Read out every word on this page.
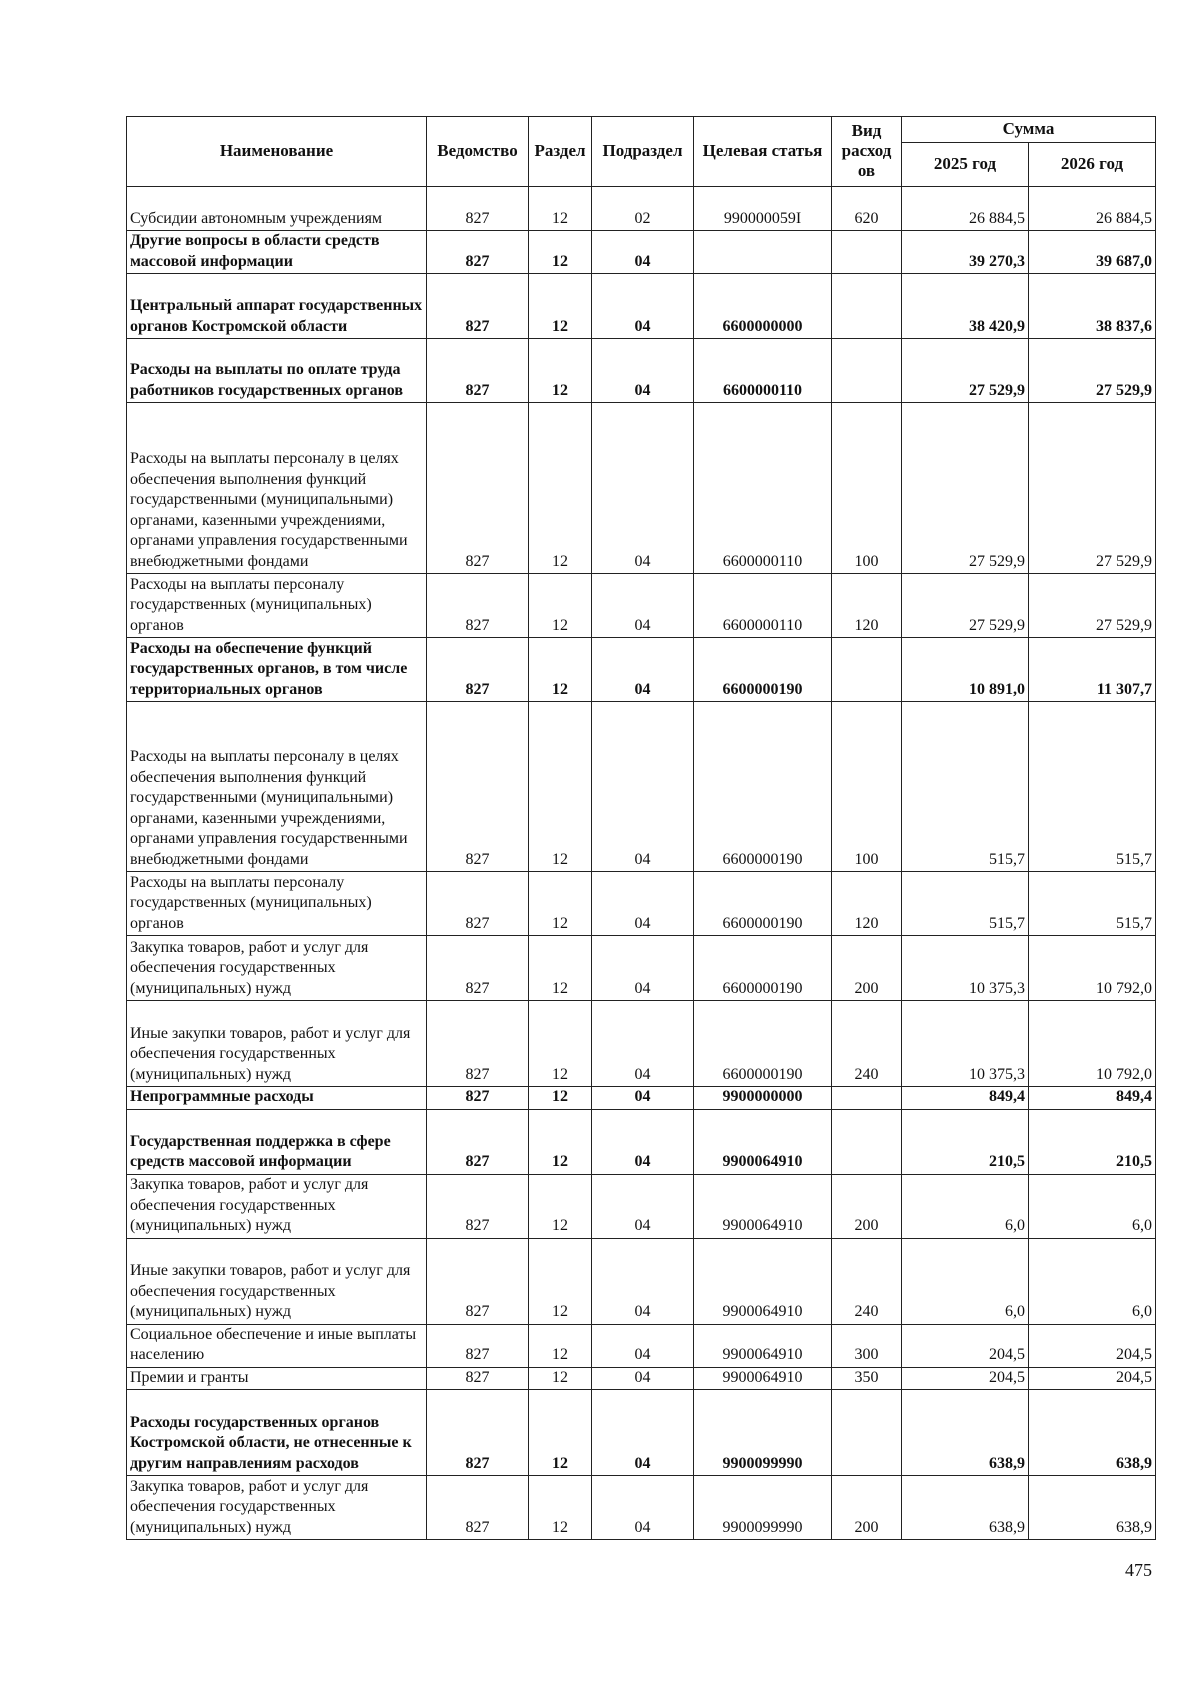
Наименование	Ведомство	Раздел	Подраздел	Целевая статья	Вид расход ов	Сумма	
						2025 год	2026 год
Субсидии автономным учреждениям	827	12	02	990000059I	620	26 884,5	26 884,5
Другие вопросы в области средств массовой информации	827	12	04			39 270,3	39 687,0
Центральный аппарат государственных органов Костромской области	827	12	04	6600000000		38 420,9	38 837,6
Расходы на выплаты по оплате труда работников государственных органов	827	12	04	6600000110		27 529,9	27 529,9
Расходы на выплаты персоналу в целях обеспечения выполнения функций государственными (муниципальными) органами, казенными учреждениями, органами управления государственными внебюджетными фондами	827	12	04	6600000110	100	27 529,9	27 529,9
Расходы на выплаты персоналу государственных (муниципальных) органов	827	12	04	6600000110	120	27 529,9	27 529,9
Расходы на обеспечение функций государственных органов, в том числе территориальных органов	827	12	04	6600000190		10 891,0	11 307,7
Расходы на выплаты персоналу в целях обеспечения выполнения функций государственными (муниципальными) органами, казенными учреждениями, органами управления государственными внебюджетными фондами	827	12	04	6600000190	100	515,7	515,7
Расходы на выплаты персоналу государственных (муниципальных) органов	827	12	04	6600000190	120	515,7	515,7
Закупка товаров, работ и услуг для обеспечения государственных (муниципальных) нужд	827	12	04	6600000190	200	10 375,3	10 792,0
Иные закупки товаров, работ и услуг для обеспечения государственных (муниципальных) нужд	827	12	04	6600000190	240	10 375,3	10 792,0
Непрограммные расходы	827	12	04	9900000000		849,4	849,4
Государственная поддержка в сфере средств массовой информации	827	12	04	9900064910		210,5	210,5
Закупка товаров, работ и услуг для обеспечения государственных (муниципальных) нужд	827	12	04	9900064910	200	6,0	6,0
Иные закупки товаров, работ и услуг для обеспечения государственных (муниципальных) нужд	827	12	04	9900064910	240	6,0	6,0
Социальное обеспечение и иные выплаты населению	827	12	04	9900064910	300	204,5	204,5
Премии и гранты	827	12	04	9900064910	350	204,5	204,5
Расходы государственных органов Костромской области, не отнесенные к другим направлениям расходов	827	12	04	9900099990		638,9	638,9
Закупка товаров, работ и услуг для обеспечения государственных (муниципальных) нужд	827	12	04	9900099990	200	638,9	638,9
475
